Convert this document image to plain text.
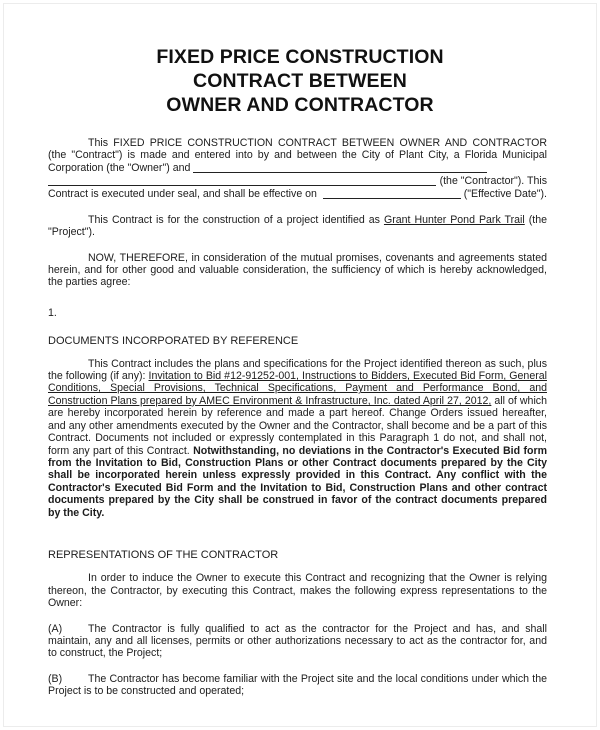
FIXED PRICE CONSTRUCTION
CONTRACT BETWEEN
OWNER AND CONTRACTOR

This FIXED PRICE CONSTRUCTION CONTRACT BETWEEN OWNER AND CONTRACTOR

(the "Contract") is made and entered into by and between the City of Plant City, a Florida Municipal

Corporation (the "Owner") and
(the "Contractor"). This
Contract is executed under seal, and shall be effective on	("Effective Date").

This Contract is for the construction of a project identified as Grant Hunter Pond Park Trail (the "Project").

NOW, THEREFORE, in consideration of the mutual promises, covenants and agreements stated herein, and for other good and valuable consideration, the sufficiency of which is hereby acknowledged, the parties agree:

1.

DOCUMENTS INCORPORATED BY REFERENCE

This Contract includes the plans and specifications for the Project identified thereon as such, plus the following (if any): Invitation to Bid #12-91252-001, Instructions to Bidders, Executed Bid Form, General Conditions, Special Provisions, Technical Specifications, Payment and Performance Bond, and Construction Plans prepared by AMEC Environment & Infrastructure, Inc. dated April 27, 2012, all of which are hereby incorporated herein by reference and made a part hereof. Change Orders issued hereafter, and any other amendments executed by the Owner and the Contractor, shall become and be a part of this Contract. Documents not included or expressly contemplated in this Paragraph 1 do not, and shall not, form any part of this Contract. Notwithstanding, no deviations in the Contractor's Executed Bid form from the Invitation to Bid, Construction Plans or other Contract documents prepared by the City shall be incorporated herein unless expressly provided in this Contract. Any conflict with the Contractor's Executed Bid Form and the Invitation to Bid, Construction Plans and other contract documents prepared by the City shall be construed in favor of the contract documents prepared by the City.

REPRESENTATIONS OF THE CONTRACTOR

In order to induce the Owner to execute this Contract and recognizing that the Owner is relying thereon, the Contractor, by executing this Contract, makes the following express representations to the Owner:

(A) The Contractor is fully qualified to act as the contractor for the Project and has, and shall maintain, any and all licenses, permits or other authorizations necessary to act as the contractor for, and to construct, the Project;

(B) The Contractor has become familiar with the Project site and the local conditions under which the Project is to be constructed and operated;
